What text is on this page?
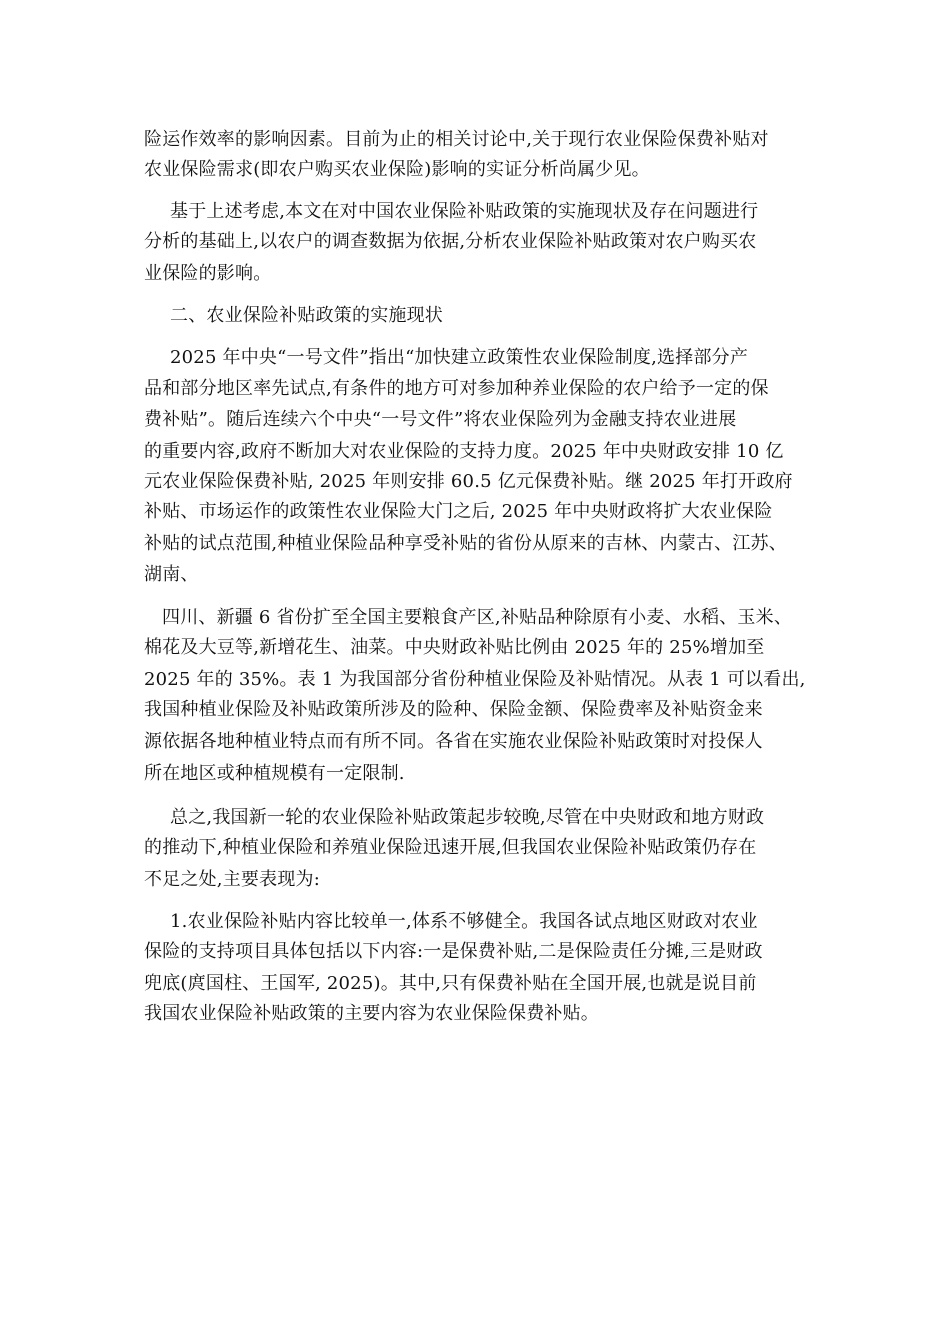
险运作效率的影响因素。目前为止的相关讨论中,关于现行农业保险保费补贴对
农业保险需求(即农户购买农业保险)影响的实证分析尚属少见。
基于上述考虑,本文在对中国农业保险补贴政策的实施现状及存在问题进行
分析的基础上,以农户的调查数据为依据,分析农业保险补贴政策对农户购买农
业保险的影响。
二、农业保险补贴政策的实施现状
2025 年中央“一号文件”指出“加快建立政策性农业保险制度,选择部分产
品和部分地区率先试点,有条件的地方可对参加种养业保险的农户给予一定的保
费补贴”。随后连续六个中央“一号文件”将农业保险列为金融支持农业进展
的重要内容,政府不断加大对农业保险的支持力度。2025 年中央财政安排 10 亿
元农业保险保费补贴, 2025 年则安排 60.5 亿元保费补贴。继 2025 年打开政府
补贴、市场运作的政策性农业保险大门之后, 2025 年中央财政将扩大农业保险
补贴的试点范围,种植业保险品种享受补贴的省份从原来的吉林、内蒙古、江苏、
湖南、
四川、新疆 6 省份扩至全国主要粮食产区,补贴品种除原有小麦、水稻、玉米、
棉花及大豆等,新增花生、油菜。中央财政补贴比例由 2025 年的 25%增加至
2025 年的 35%。表 1 为我国部分省份种植业保险及补贴情况。从表 1 可以看出,
我国种植业保险及补贴政策所涉及的险种、保险金额、保险费率及补贴资金来
源依据各地种植业特点而有所不同。各省在实施农业保险补贴政策时对投保人
所在地区或种植规模有一定限制.
总之,我国新一轮的农业保险补贴政策起步较晚,尽管在中央财政和地方财政
的推动下,种植业保险和养殖业保险迅速开展,但我国农业保险补贴政策仍存在
不足之处,主要表现为:
1.农业保险补贴内容比较单一,体系不够健全。我国各试点地区财政对农业
保险的支持项目具体包括以下内容:一是保费补贴,二是保险责任分摊,三是财政
兜底(庹国柱、王国军, 2025)。其中,只有保费补贴在全国开展,也就是说目前
我国农业保险补贴政策的主要内容为农业保险保费补贴。
